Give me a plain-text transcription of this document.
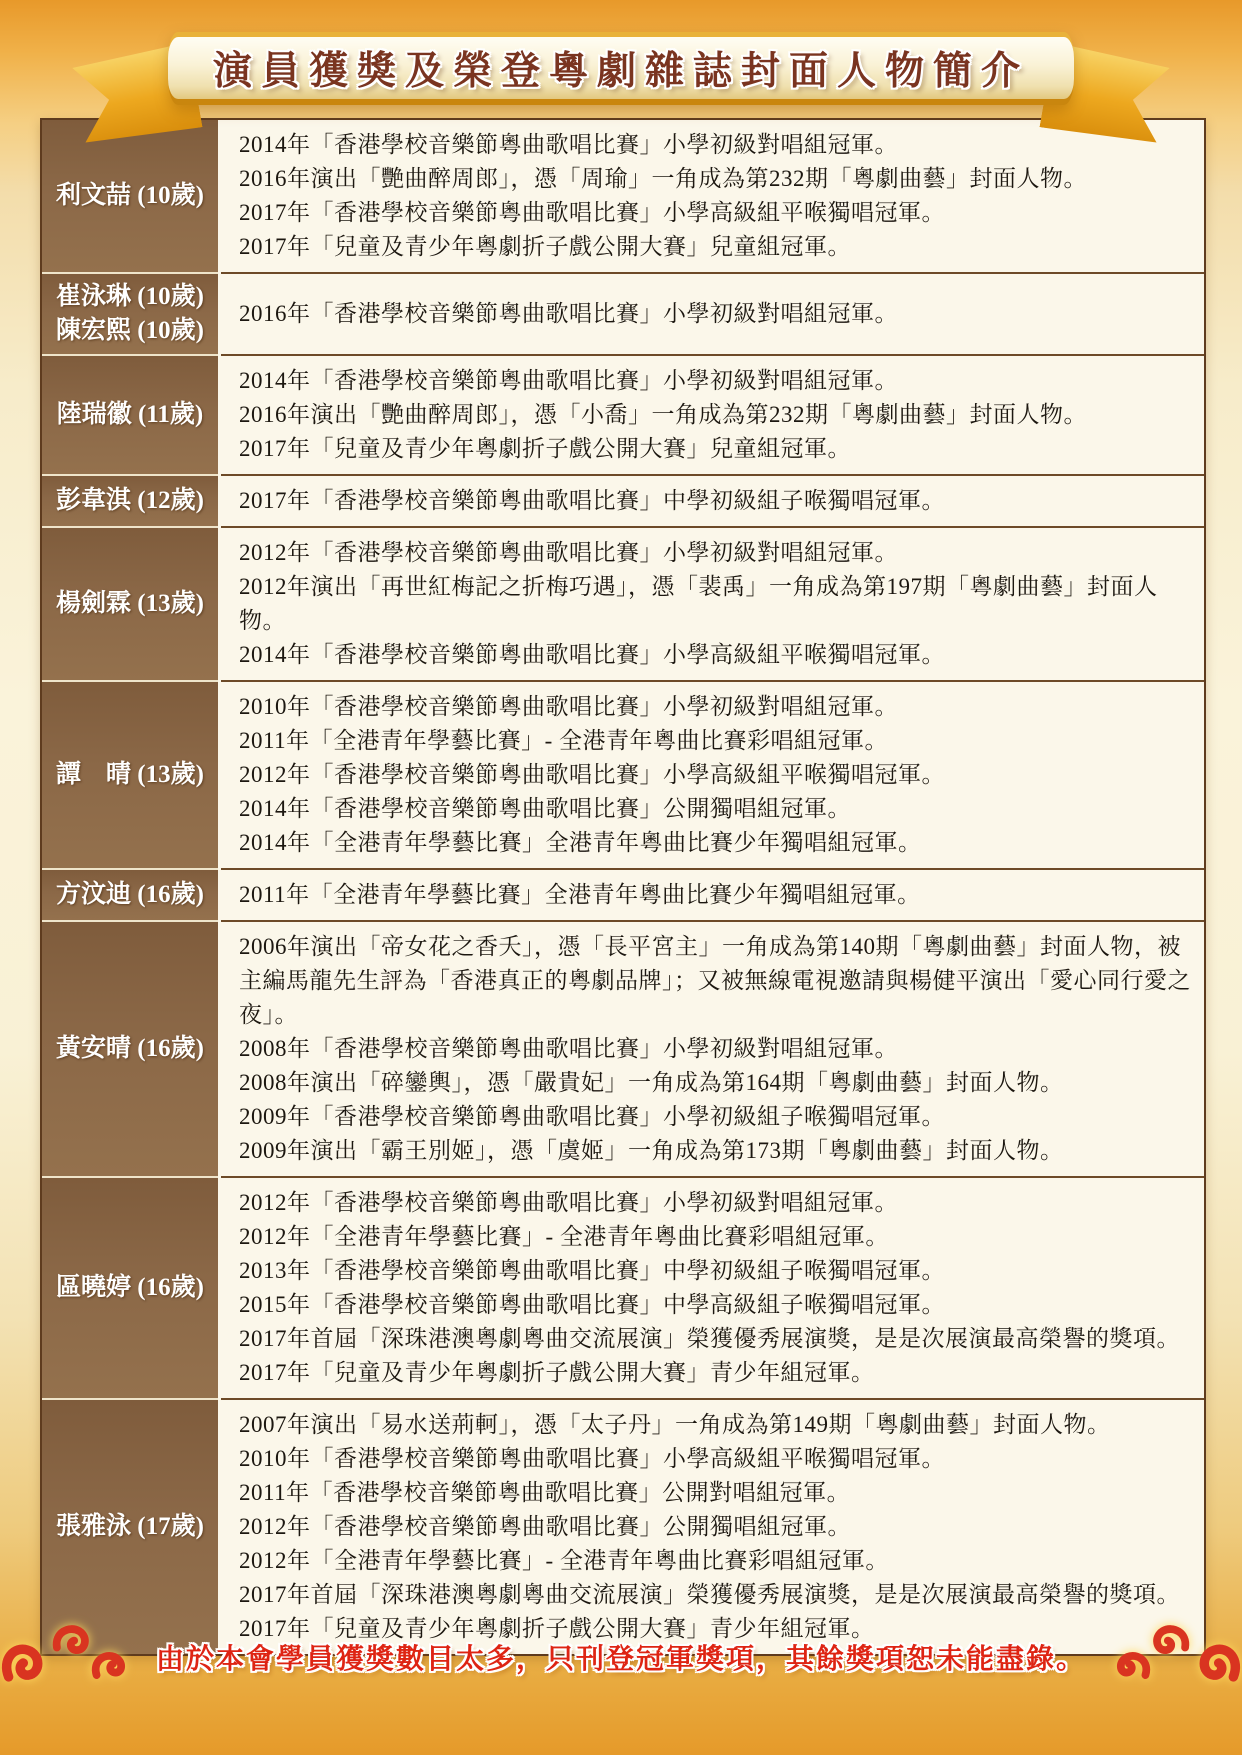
演員獲獎及榮登粵劇雜誌封面人物簡介
利文喆 (10歲)
2014年「香港學校音樂節粵曲歌唱比賽」小學初級對唱組冠軍。
2016年演出「艷曲醉周郎」，憑「周瑜」一角成為第232期「粵劇曲藝」封面人物。
2017年「香港學校音樂節粵曲歌唱比賽」小學高級組平喉獨唱冠軍。
2017年「兒童及青少年粵劇折子戲公開大賽」兒童組冠軍。
崔泳琳 (10歲)
陳宏熙 (10歲)
2016年「香港學校音樂節粵曲歌唱比賽」小學初級對唱組冠軍。
陸瑞徽 (11歲)
2014年「香港學校音樂節粵曲歌唱比賽」小學初級對唱組冠軍。
2016年演出「艷曲醉周郎」，憑「小喬」一角成為第232期「粵劇曲藝」封面人物。
2017年「兒童及青少年粵劇折子戲公開大賽」兒童組冠軍。
彭韋淇 (12歲) 2017年「香港學校音樂節粵曲歌唱比賽」中學初級組子喉獨唱冠軍。
楊劍霖 (13歲)
2012年「香港學校音樂節粵曲歌唱比賽」小學初級對唱組冠軍。
2012年演出「再世紅梅記之折梅巧遇」，憑「裴禹」一角成為第197期「粵劇曲藝」封面人物。
2014年「香港學校音樂節粵曲歌唱比賽」小學高級組平喉獨唱冠軍。
譚　晴 (13歲)
2010年「香港學校音樂節粵曲歌唱比賽」小學初級對唱組冠軍。
2011年「全港青年學藝比賽」- 全港青年粵曲比賽彩唱組冠軍。
2012年「香港學校音樂節粵曲歌唱比賽」小學高級組平喉獨唱冠軍。
2014年「香港學校音樂節粵曲歌唱比賽」公開獨唱組冠軍。
2014年「全港青年學藝比賽」全港青年粵曲比賽少年獨唱組冠軍。
方汶迪 (16歲) 2011年「全港青年學藝比賽」全港青年粵曲比賽少年獨唱組冠軍。
黃安晴 (16歲)
2006年演出「帝女花之香夭」，憑「長平宮主」一角成為第140期「粵劇曲藝」封面人物，被主編馬龍先生評為「香港真正的粵劇品牌」；又被無線電視邀請與楊健平演出「愛心同行愛之夜」。
2008年「香港學校音樂節粵曲歌唱比賽」小學初級對唱組冠軍。
2008年演出「碎鑾輿」，憑「嚴貴妃」一角成為第164期「粵劇曲藝」封面人物。
2009年「香港學校音樂節粵曲歌唱比賽」小學初級組子喉獨唱冠軍。
2009年演出「霸王別姬」，憑「虞姬」一角成為第173期「粵劇曲藝」封面人物。
區曉婷 (16歲)
2012年「香港學校音樂節粵曲歌唱比賽」小學初級對唱組冠軍。
2012年「全港青年學藝比賽」- 全港青年粵曲比賽彩唱組冠軍。
2013年「香港學校音樂節粵曲歌唱比賽」中學初級組子喉獨唱冠軍。
2015年「香港學校音樂節粵曲歌唱比賽」中學高級組子喉獨唱冠軍。
2017年首屆「深珠港澳粵劇粵曲交流展演」榮獲優秀展演獎，是是次展演最高榮譽的獎項。
2017年「兒童及青少年粵劇折子戲公開大賽」青少年組冠軍。
張雅泳 (17歲)
2007年演出「易水送荊軻」，憑「太子丹」一角成為第149期「粵劇曲藝」封面人物。
2010年「香港學校音樂節粵曲歌唱比賽」小學高級組平喉獨唱冠軍。
2011年「香港學校音樂節粵曲歌唱比賽」公開對唱組冠軍。
2012年「香港學校音樂節粵曲歌唱比賽」公開獨唱組冠軍。
2012年「全港青年學藝比賽」- 全港青年粵曲比賽彩唱組冠軍。
2017年首屆「深珠港澳粵劇粵曲交流展演」榮獲優秀展演獎，是是次展演最高榮譽的獎項。
2017年「兒童及青少年粵劇折子戲公開大賽」青少年組冠軍。
由於本會學員獲獎數目太多，只刊登冠軍獎項，其餘獎項恕未能盡錄。
